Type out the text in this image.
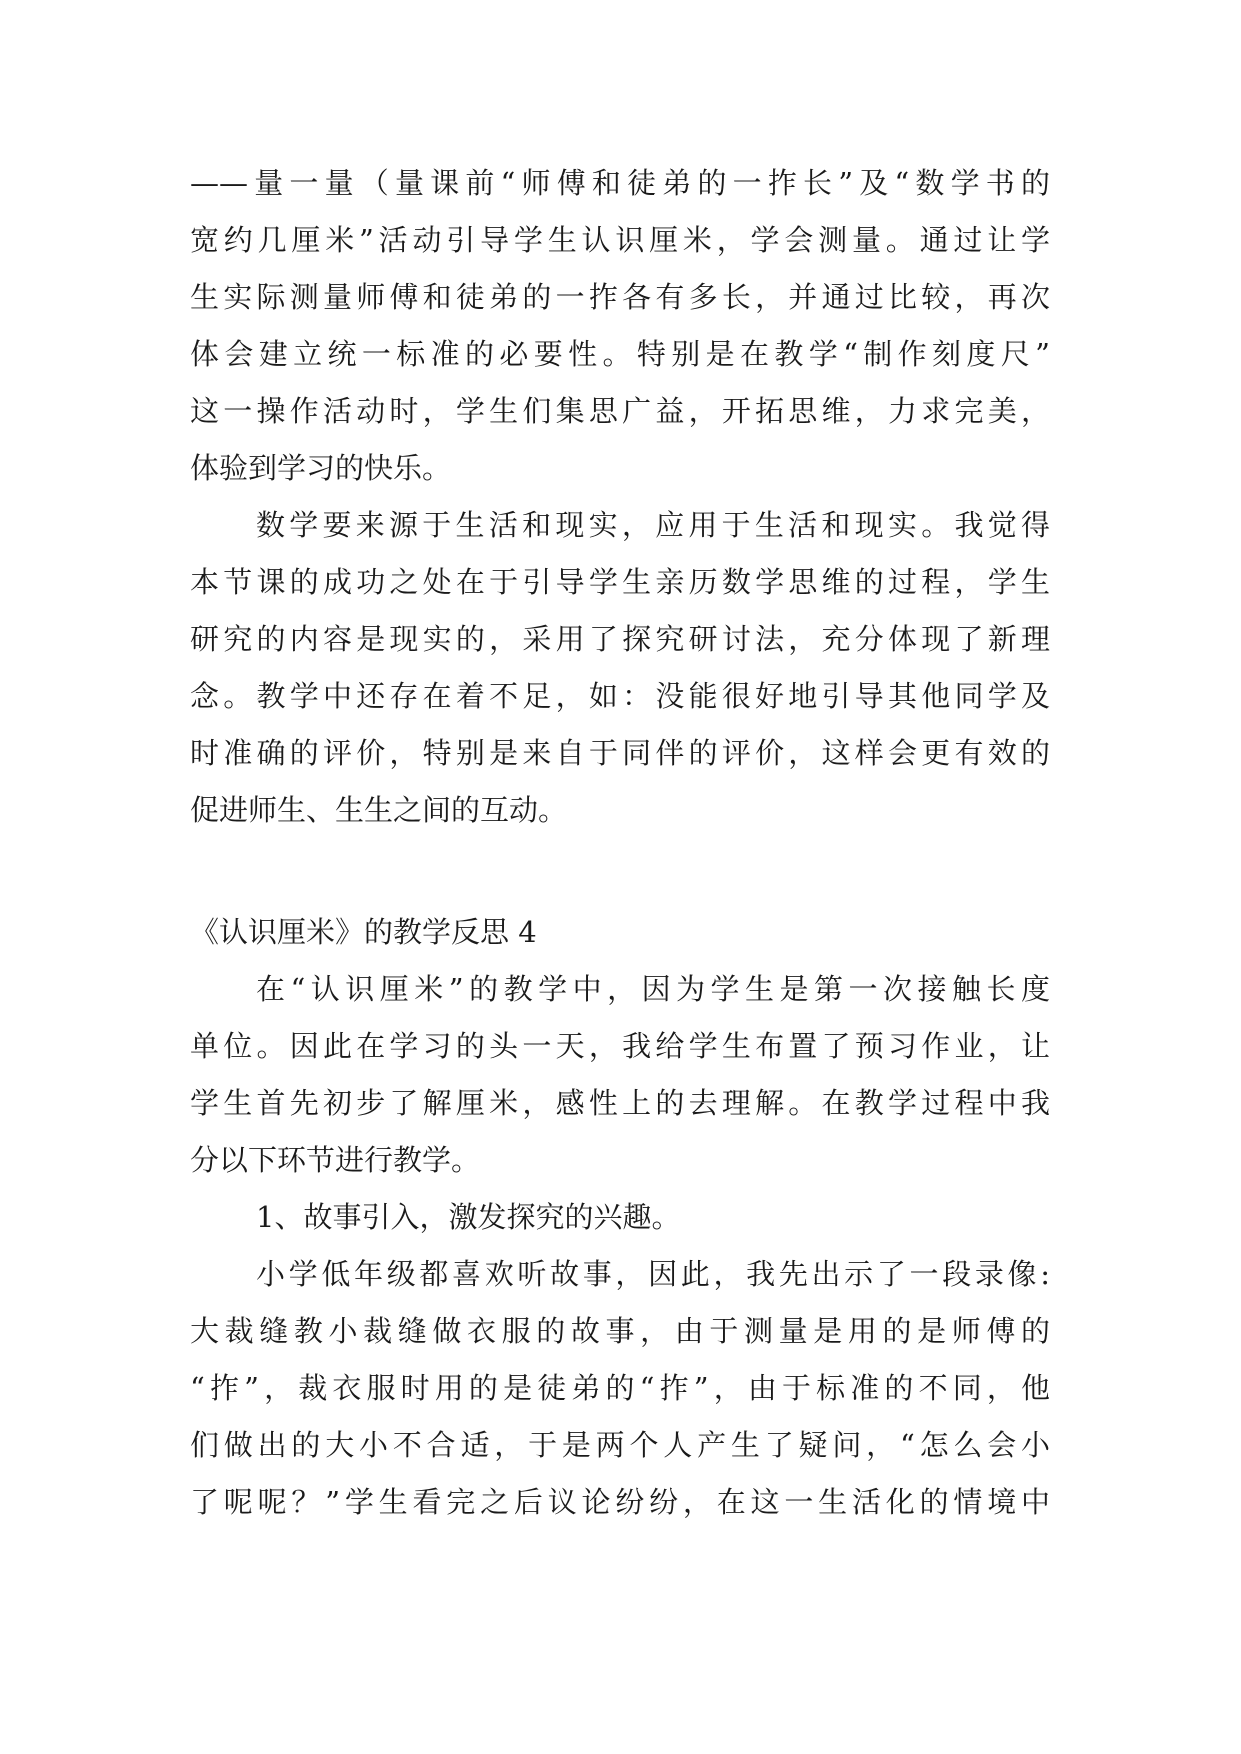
——量一量（量课前“师傅和徒弟的一拃长”及“数学书的
宽约几厘米”活动引导学生认识厘米，学会测量。通过让学
生实际测量师傅和徒弟的一拃各有多长，并通过比较，再次
体会建立统一标准的必要性。特别是在教学“制作刻度尺”
这一操作活动时，学生们集思广益，开拓思维，力求完美，
体验到学习的快乐。
数学要来源于生活和现实，应用于生活和现实。我觉得
本节课的成功之处在于引导学生亲历数学思维的过程，学生
研究的内容是现实的，采用了探究研讨法，充分体现了新理
念。教学中还存在着不足，如：没能很好地引导其他同学及
时准确的评价，特别是来自于同伴的评价，这样会更有效的
促进师生、生生之间的互动。
《认识厘米》的教学反思 4
在“认识厘米”的教学中，因为学生是第一次接触长度
单位。因此在学习的头一天，我给学生布置了预习作业，让
学生首先初步了解厘米，感性上的去理解。在教学过程中我
分以下环节进行教学。
1、故事引入，激发探究的兴趣。
小学低年级都喜欢听故事，因此，我先出示了一段录像:
大裁缝教小裁缝做衣服的故事，由于测量是用的是师傅的
“拃”，裁衣服时用的是徒弟的“拃”，由于标准的不同，他
们做出的大小不合适，于是两个人产生了疑问，“怎么会小
了呢呢？”学生看完之后议论纷纷，在这一生活化的情境中
